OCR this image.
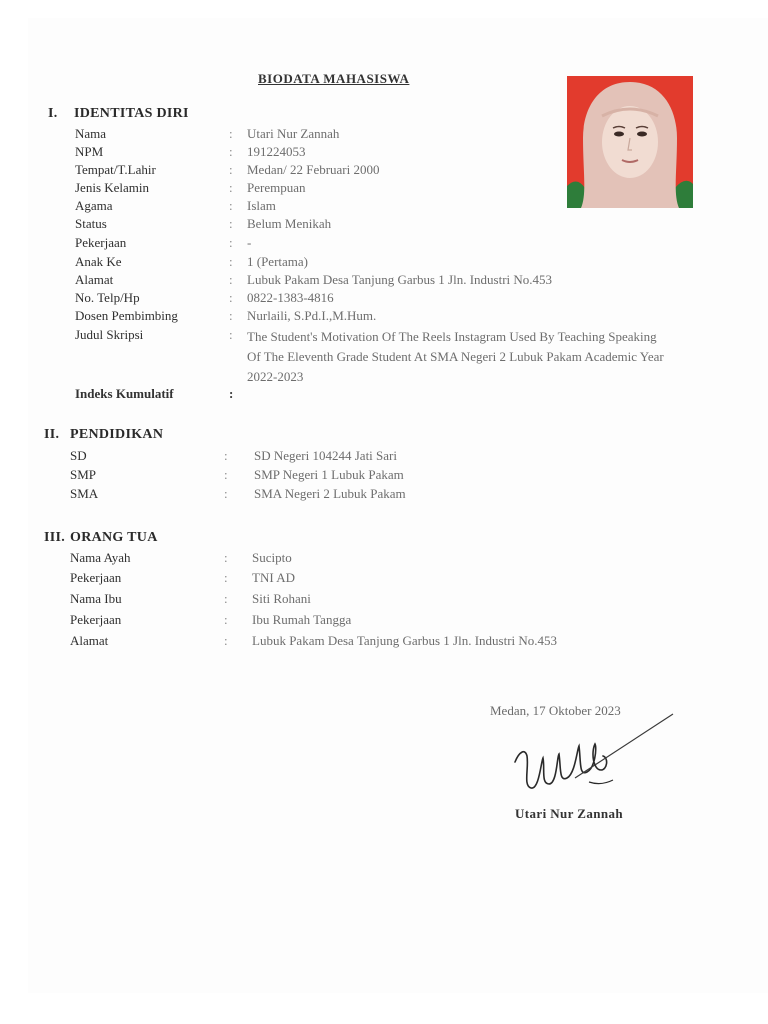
BIODATA MAHASISWA
I. IDENTITAS DIRI
Nama	: Utari Nur Zannah
NPM	: 191224053
Tempat/T.Lahir	: Medan/ 22 Februari 2000
Jenis Kelamin	: Perempuan
Agama	: Islam
Status	: Belum Menikah
Pekerjaan	: -
Anak Ke	: 1 (Pertama)
Alamat	: Lubuk Pakam Desa Tanjung Garbus 1 Jln. Industri No.453
No. Telp/Hp	: 0822-1383-4816
Dosen Pembimbing	: Nurlaili, S.Pd.I.,M.Hum.
Judul Skripsi	: The Student's Motivation Of The Reels Instagram Used By Teaching Speaking Of The Eleventh Grade Student At SMA Negeri 2 Lubuk Pakam Academic Year 2022-2023
Indeks Kumulatif	:
II. PENDIDIKAN
SD	: SD Negeri 104244 Jati Sari
SMP	: SMP Negeri 1 Lubuk Pakam
SMA	: SMA Negeri 2 Lubuk Pakam
III. ORANG TUA
Nama Ayah	: Sucipto
Pekerjaan	: TNI AD
Nama Ibu	: Siti Rohani
Pekerjaan	: Ibu Rumah Tangga
Alamat	: Lubuk Pakam Desa Tanjung Garbus 1 Jln. Industri No.453
Medan, 17 Oktober 2023
Utari Nur Zannah
